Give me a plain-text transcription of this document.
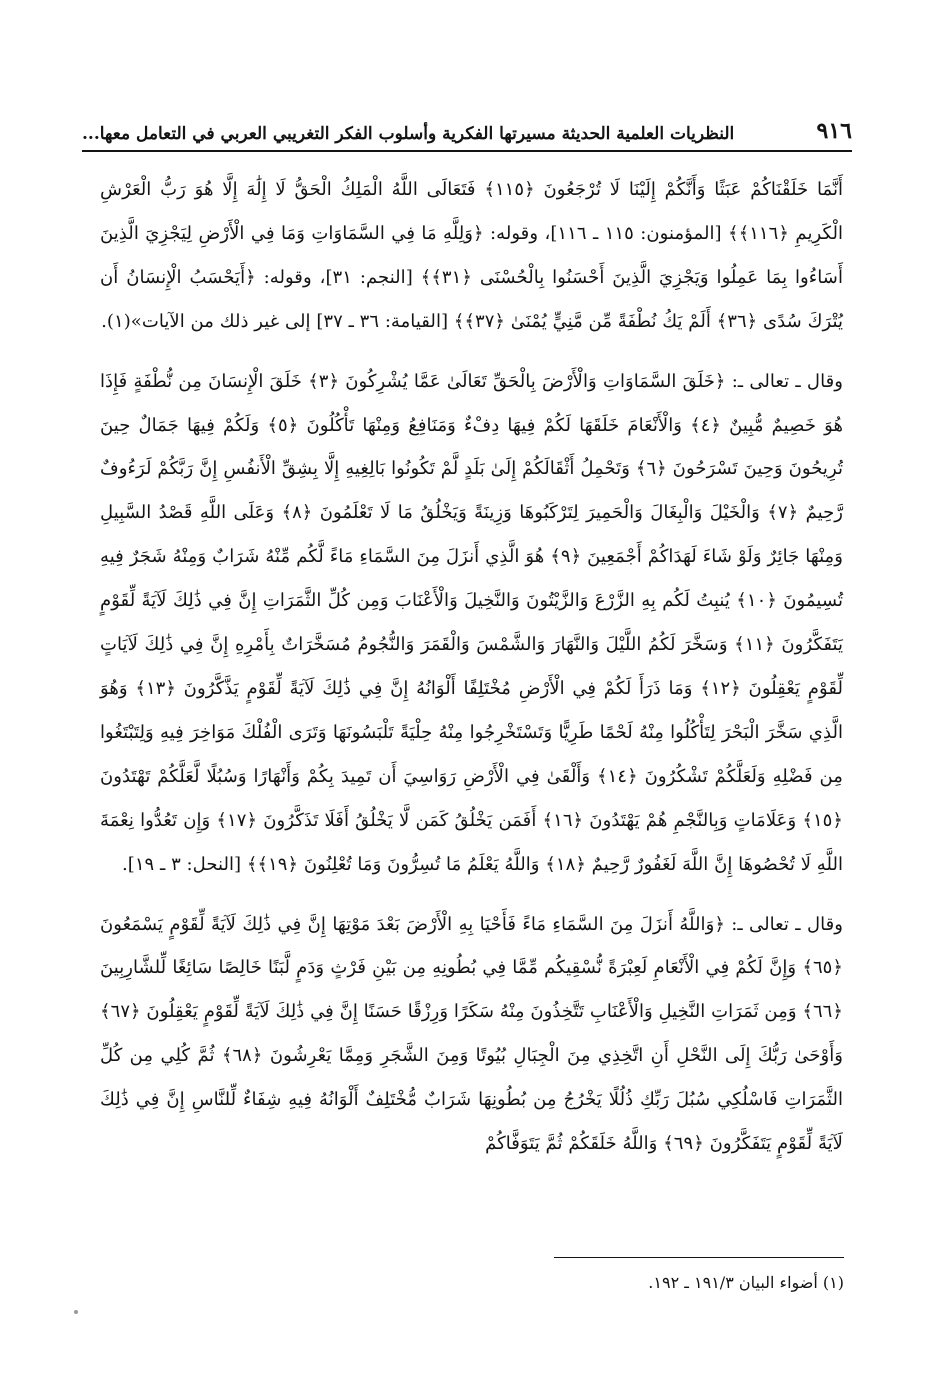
٩١٦
النظريات العلمية الحديثة مسيرتها الفكرية وأسلوب الفكر التغريبي العربي في التعامل معها...

أَنَّمَا خَلَقْنَاكُمْ عَبَثًا وَأَنَّكُمْ إِلَيْنَا لَا تُرْجَعُونَ ﴿١١٥﴾ فَتَعَالَى اللَّهُ الْمَلِكُ الْحَقُّ لَا إِلَٰهَ إِلَّا هُوَ رَبُّ الْعَرْشِ الْكَرِيمِ ﴿١١٦﴾﴾ [المؤمنون: ١١٥ ـ ١١٦]، وقوله: ﴿وَلِلَّهِ مَا فِي السَّمَاوَاتِ وَمَا فِي الْأَرْضِ لِيَجْزِيَ الَّذِينَ أَسَاءُوا بِمَا عَمِلُوا وَيَجْزِيَ الَّذِينَ أَحْسَنُوا بِالْحُسْنَى ﴿٣١﴾﴾ [النجم: ٣١]، وقوله: ﴿أَيَحْسَبُ الْإِنسَانُ أَن يُتْرَكَ سُدًى ﴿٣٦﴾ أَلَمْ يَكُ نُطْفَةً مِّن مَّنِيٍّ يُمْنَىٰ ﴿٣٧﴾﴾ [القيامة: ٣٦ ـ ٣٧] إلى غير ذلك من الآيات»(١).

وقال ـ تعالى ـ: ﴿خَلَقَ السَّمَاوَاتِ وَالْأَرْضَ بِالْحَقِّ تَعَالَىٰ عَمَّا يُشْرِكُونَ ﴿٣﴾ خَلَقَ الْإِنسَانَ مِن نُّطْفَةٍ فَإِذَا هُوَ خَصِيمٌ مُّبِينٌ ﴿٤﴾ وَالْأَنْعَامَ خَلَقَهَا لَكُمْ فِيهَا دِفْءٌ وَمَنَافِعُ وَمِنْهَا تَأْكُلُونَ ﴿٥﴾ وَلَكُمْ فِيهَا جَمَالٌ حِينَ تُرِيحُونَ وَحِينَ تَسْرَحُونَ ﴿٦﴾ وَتَحْمِلُ أَثْقَالَكُمْ إِلَىٰ بَلَدٍ لَّمْ تَكُونُوا بَالِغِيهِ إِلَّا بِشِقِّ الْأَنفُسِ إِنَّ رَبَّكُمْ لَرَءُوفٌ رَّحِيمٌ ﴿٧﴾ وَالْخَيْلَ وَالْبِغَالَ وَالْحَمِيرَ لِتَرْكَبُوهَا وَزِينَةً وَيَخْلُقُ مَا لَا تَعْلَمُونَ ﴿٨﴾ وَعَلَى اللَّهِ قَصْدُ السَّبِيلِ وَمِنْهَا جَائِرٌ وَلَوْ شَاءَ لَهَدَاكُمْ أَجْمَعِينَ ﴿٩﴾ هُوَ الَّذِي أَنزَلَ مِنَ السَّمَاءِ مَاءً لَّكُم مِّنْهُ شَرَابٌ وَمِنْهُ شَجَرٌ فِيهِ تُسِيمُونَ ﴿١٠﴾ يُنبِتُ لَكُم بِهِ الزَّرْعَ وَالزَّيْتُونَ وَالنَّخِيلَ وَالْأَعْنَابَ وَمِن كُلِّ الثَّمَرَاتِ إِنَّ فِي ذَٰلِكَ لَآيَةً لِّقَوْمٍ يَتَفَكَّرُونَ ﴿١١﴾ وَسَخَّرَ لَكُمُ اللَّيْلَ وَالنَّهَارَ وَالشَّمْسَ وَالْقَمَرَ وَالنُّجُومُ مُسَخَّرَاتٌ بِأَمْرِهِ إِنَّ فِي ذَٰلِكَ لَآيَاتٍ لِّقَوْمٍ يَعْقِلُونَ ﴿١٢﴾ وَمَا ذَرَأَ لَكُمْ فِي الْأَرْضِ مُخْتَلِفًا أَلْوَانُهُ إِنَّ فِي ذَٰلِكَ لَآيَةً لِّقَوْمٍ يَذَّكَّرُونَ ﴿١٣﴾ وَهُوَ الَّذِي سَخَّرَ الْبَحْرَ لِتَأْكُلُوا مِنْهُ لَحْمًا طَرِيًّا وَتَسْتَخْرِجُوا مِنْهُ حِلْيَةً تَلْبَسُونَهَا وَتَرَى الْفُلْكَ مَوَاخِرَ فِيهِ وَلِتَبْتَغُوا مِن فَضْلِهِ وَلَعَلَّكُمْ تَشْكُرُونَ ﴿١٤﴾ وَأَلْقَىٰ فِي الْأَرْضِ رَوَاسِيَ أَن تَمِيدَ بِكُمْ وَأَنْهَارًا وَسُبُلًا لَّعَلَّكُمْ تَهْتَدُونَ ﴿١٥﴾ وَعَلَامَاتٍ وَبِالنَّجْمِ هُمْ يَهْتَدُونَ ﴿١٦﴾ أَفَمَن يَخْلُقُ كَمَن لَّا يَخْلُقُ أَفَلَا تَذَكَّرُونَ ﴿١٧﴾ وَإِن تَعُدُّوا نِعْمَةَ اللَّهِ لَا تُحْصُوهَا إِنَّ اللَّهَ لَغَفُورٌ رَّحِيمٌ ﴿١٨﴾ وَاللَّهُ يَعْلَمُ مَا تُسِرُّونَ وَمَا تُعْلِنُونَ ﴿١٩﴾﴾ [النحل: ٣ ـ ١٩].

وقال ـ تعالى ـ: ﴿وَاللَّهُ أَنزَلَ مِنَ السَّمَاءِ مَاءً فَأَحْيَا بِهِ الْأَرْضَ بَعْدَ مَوْتِهَا إِنَّ فِي ذَٰلِكَ لَآيَةً لِّقَوْمٍ يَسْمَعُونَ ﴿٦٥﴾ وَإِنَّ لَكُمْ فِي الْأَنْعَامِ لَعِبْرَةً نُّسْقِيكُم مِّمَّا فِي بُطُونِهِ مِن بَيْنِ فَرْثٍ وَدَمٍ لَّبَنًا خَالِصًا سَائِغًا لِّلشَّارِبِينَ ﴿٦٦﴾ وَمِن ثَمَرَاتِ النَّخِيلِ وَالْأَعْنَابِ تَتَّخِذُونَ مِنْهُ سَكَرًا وَرِزْقًا حَسَنًا إِنَّ فِي ذَٰلِكَ لَآيَةً لِّقَوْمٍ يَعْقِلُونَ ﴿٦٧﴾ وَأَوْحَىٰ رَبُّكَ إِلَى النَّحْلِ أَنِ اتَّخِذِي مِنَ الْجِبَالِ بُيُوتًا وَمِنَ الشَّجَرِ وَمِمَّا يَعْرِشُونَ ﴿٦٨﴾ ثُمَّ كُلِي مِن كُلِّ الثَّمَرَاتِ فَاسْلُكِي سُبُلَ رَبِّكِ ذُلُلًا يَخْرُجُ مِن بُطُونِهَا شَرَابٌ مُّخْتَلِفٌ أَلْوَانُهُ فِيهِ شِفَاءٌ لِّلنَّاسِ إِنَّ فِي ذَٰلِكَ لَآيَةً لِّقَوْمٍ يَتَفَكَّرُونَ ﴿٦٩﴾ وَاللَّهُ خَلَقَكُمْ ثُمَّ يَتَوَفَّاكُمْ

(١) أضواء البيان ١٩١/٣ ـ ١٩٢.
